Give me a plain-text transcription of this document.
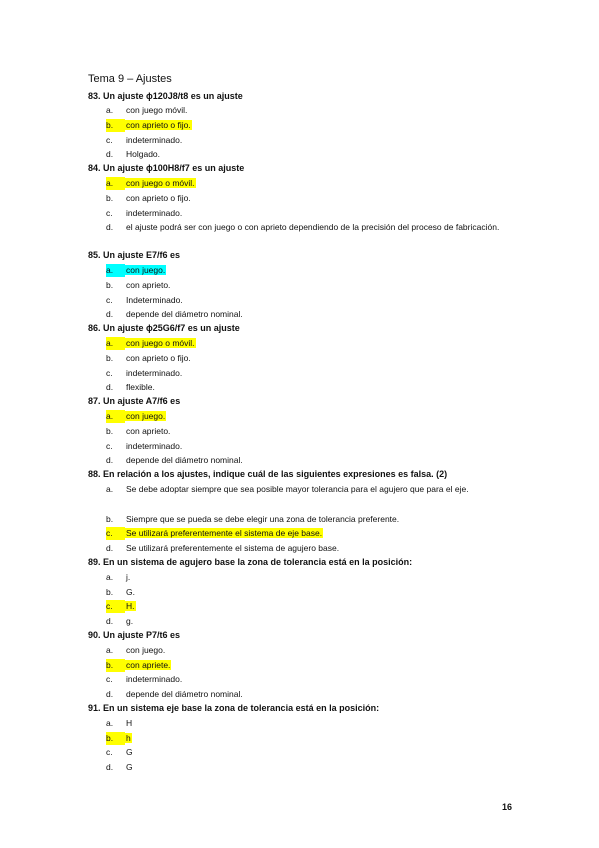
Tema 9 – Ajustes
83. Un ajuste ϕ120J8/t8 es un ajuste
a. con juego móvil.
b. con aprieto o fijo.
c. indeterminado.
d. Holgado.
84. Un ajuste ϕ100H8/f7 es un ajuste
a. con juego o móvil.
b. con aprieto o fijo.
c. indeterminado.
d.	el ajuste podrá ser con juego o con aprieto dependiendo de la precisión del proceso de fabricación.
85. Un ajuste E7/f6 es
a. con juego.
b. con aprieto.
c. Indeterminado.
d. depende del diámetro nominal.
86. Un ajuste ϕ25G6/f7 es un ajuste
a. con juego o móvil.
b. con aprieto o fijo.
c. indeterminado.
d. flexible.
87. Un ajuste A7/f6 es
a. con juego.
b. con aprieto.
c. indeterminado.
d. depende del diámetro nominal.
88. En relación a los ajustes, indique cuál de las siguientes expresiones es falsa. (2)
a.	Se debe adoptar siempre que sea posible mayor tolerancia para el agujero que para el eje.
b. Siempre que se pueda se debe elegir una zona de tolerancia preferente.
c. Se utilizará preferentemente el sistema de eje base.
d. Se utilizará preferentemente el sistema de agujero base.
89. En un sistema de agujero base la zona de tolerancia está en la posición:
a. j.
b. G.
c. H.
d. g.
90. Un ajuste P7/t6 es
a. con juego.
b. con apriete.
c. indeterminado.
d. depende del diámetro nominal.
91. En un sistema eje base la zona de tolerancia está en la posición:
a. H
b. h
c. G
d. G
16
